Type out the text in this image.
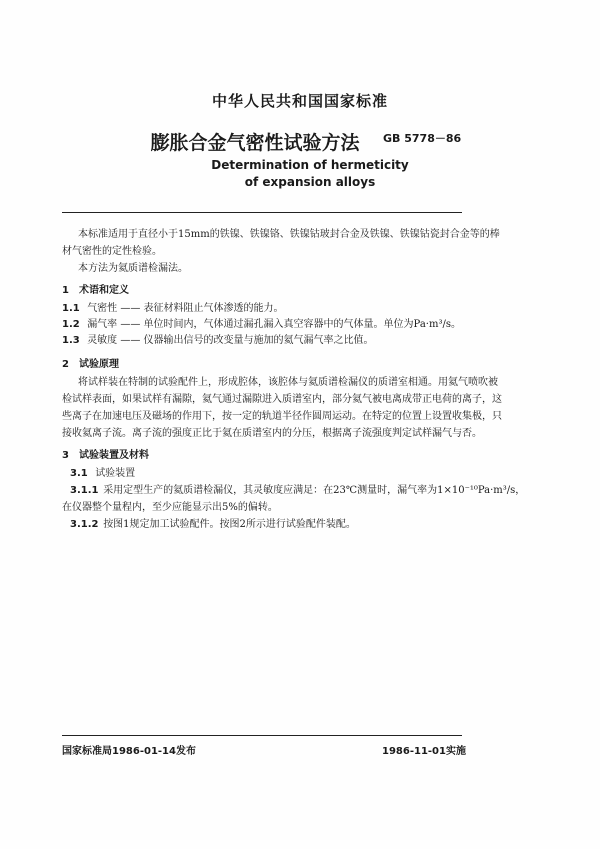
中华人民共和国国家标准
膨胀合金气密性试验方法	GB 5778－86
Determination of hermeticity
of expansion alloys
本标准适用于直径小于15mm的铁镍、铁镍铬、铁镍钴玻封合金及铁镍、铁镍钴瓷封合金等的棒
材气密性的定性检验。
本方法为氦质谱检漏法。
1　术语和定义
1.1 气密性 —— 表征材料阻止气体渗透的能力。
1.2 漏气率 —— 单位时间内，气体通过漏孔漏入真空容器中的气体量。单位为Pa·m³/s。
1.3 灵敏度 —— 仪器输出信号的改变量与施加的氦气漏气率之比值。
2　试验原理
将试样装在特制的试验配件上，形成腔体，该腔体与氦质谱检漏仪的质谱室相通。用氦气喷吹被
检试样表面，如果试样有漏隙，氦气通过漏隙进入质谱室内，部分氦气被电离成带正电荷的离子，这
些离子在加速电压及磁场的作用下，按一定的轨道半径作圆周运动。在特定的位置上设置收集极，只
接收氦离子流。离子流的强度正比于氦在质谱室内的分压，根据离子流强度判定试样漏气与否。
3　试验装置及材料
3.1 试验装置
3.1.1 采用定型生产的氦质谱检漏仪，其灵敏度应满足：在23℃测量时，漏气率为1×10⁻¹⁰Pa·m³/s，
在仪器整个量程内，至少应能显示出5%的偏转。
3.1.2 按图1规定加工试验配件。按图2所示进行试验配件装配。
国家标准局1986-01-14发布	1986-11-01实施
